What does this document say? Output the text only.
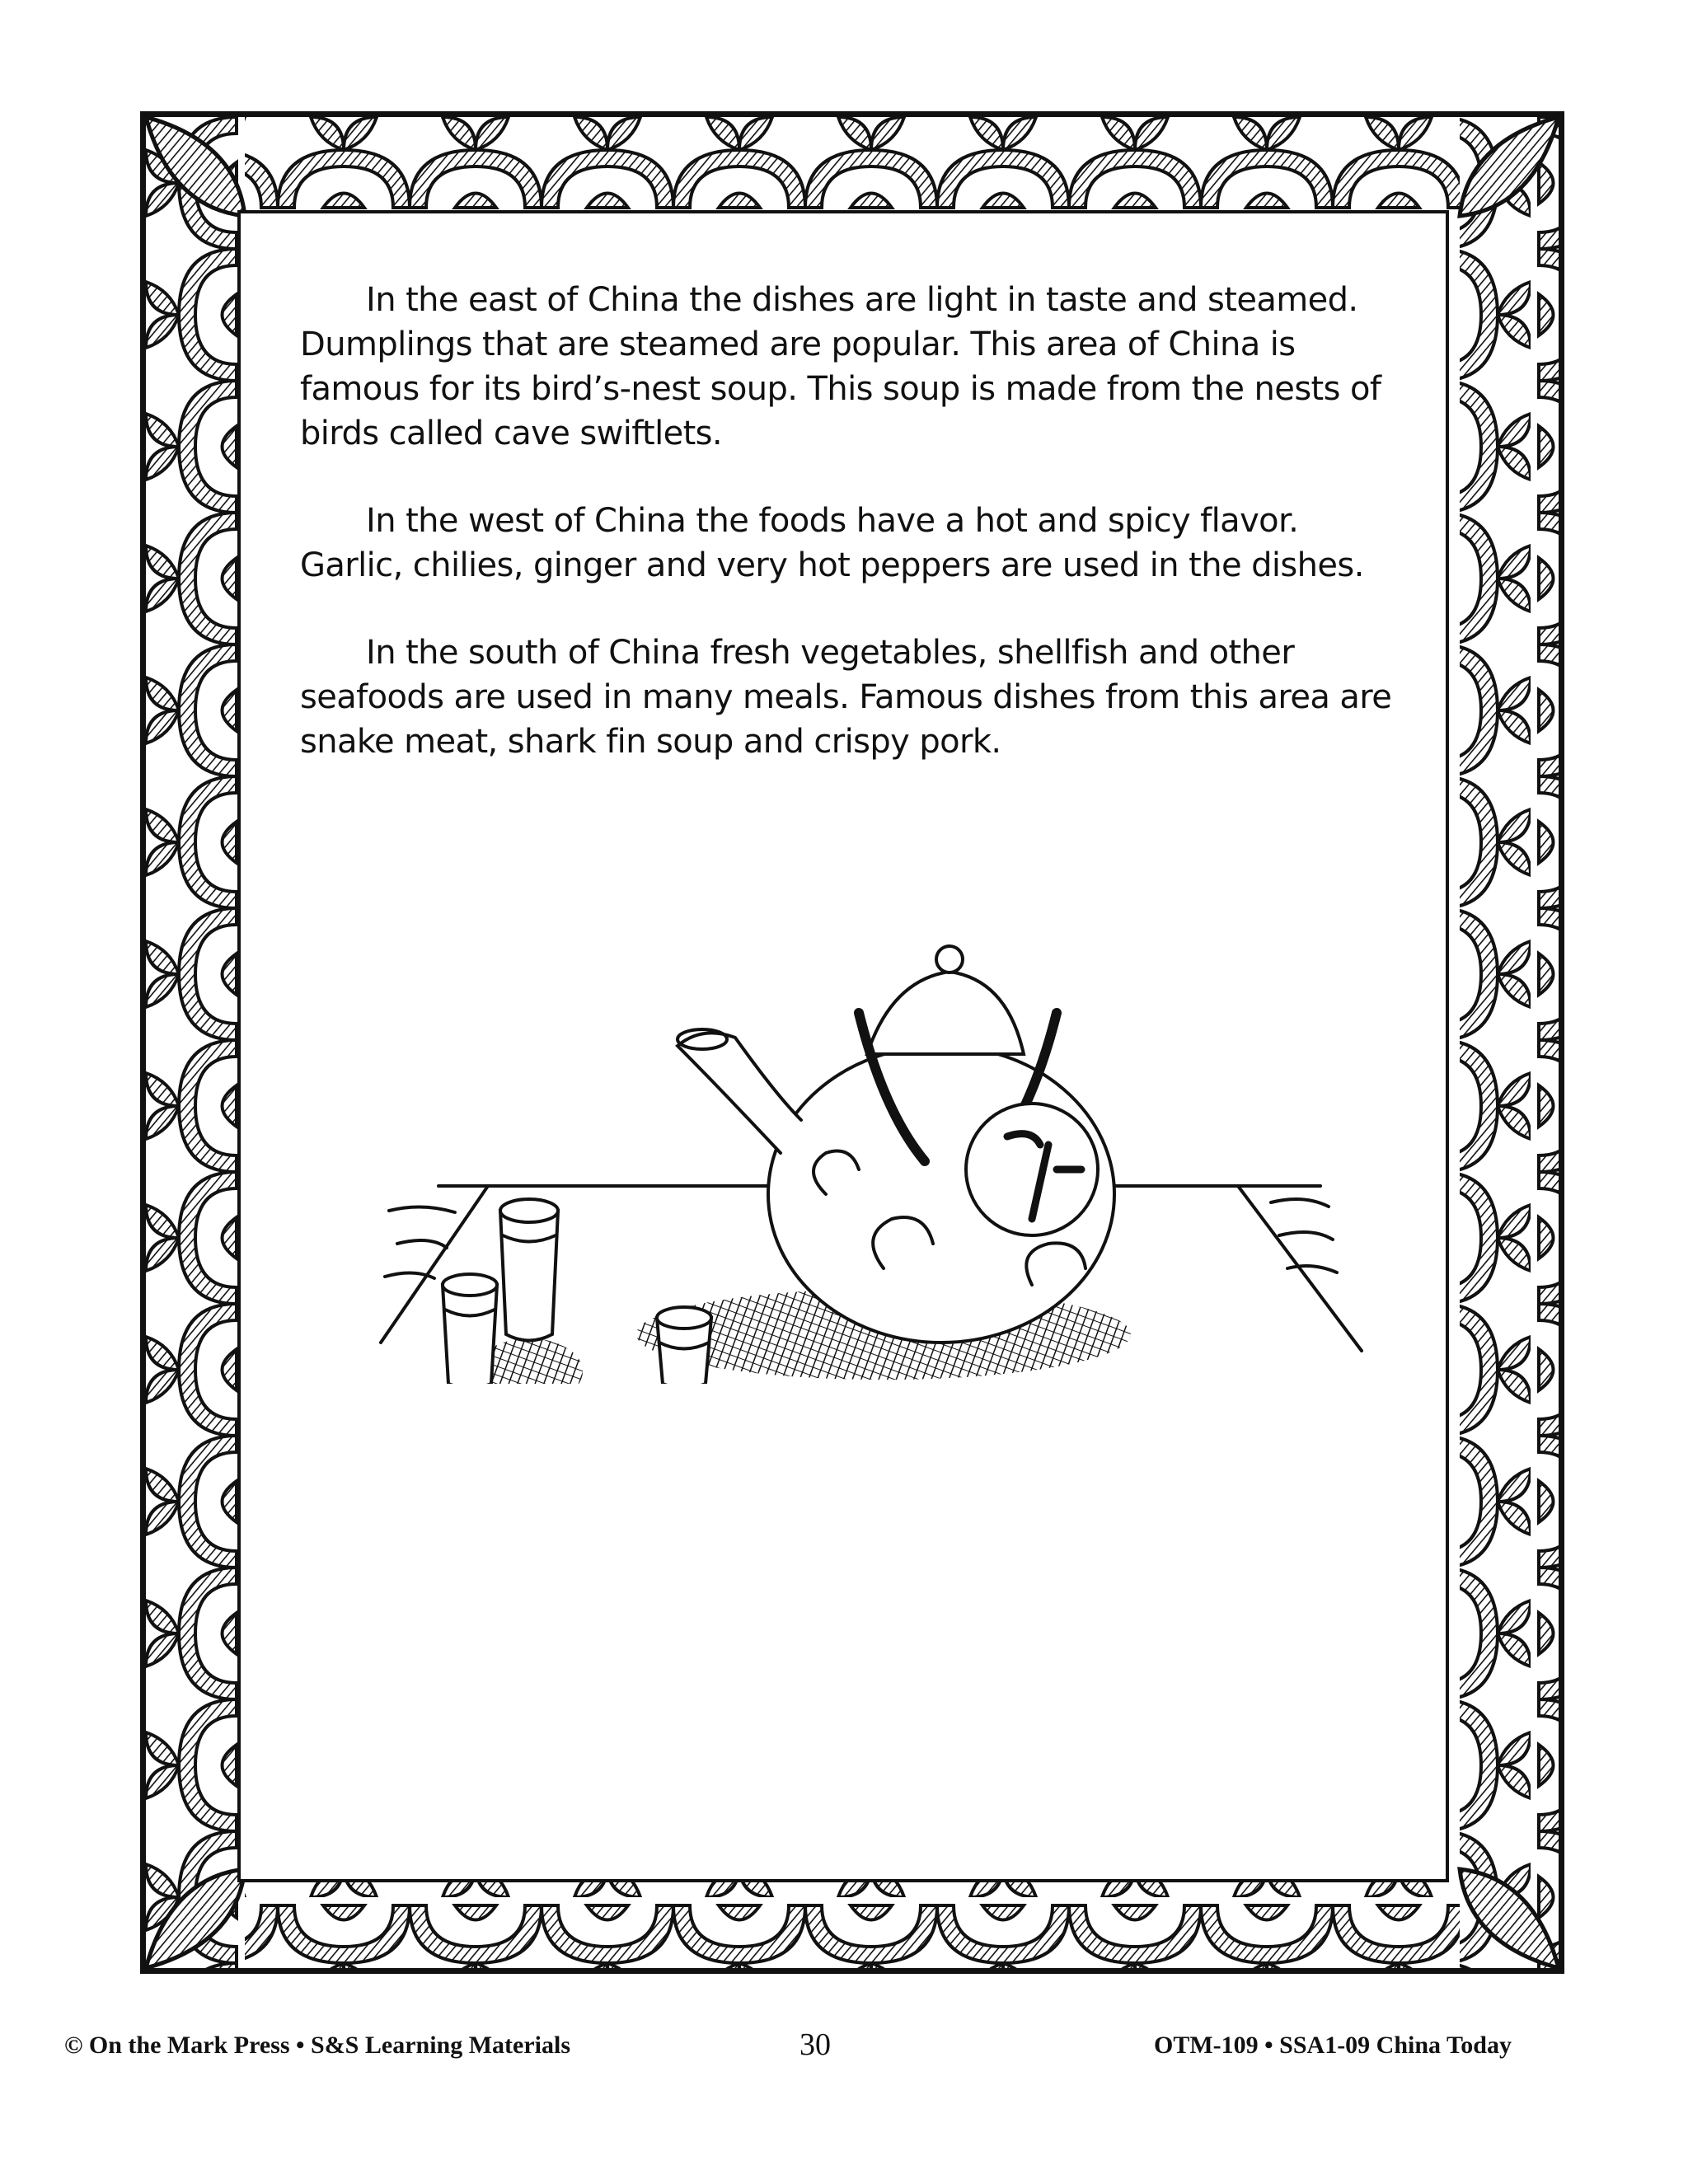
In the east of China the dishes are light in taste and steamed. Dumplings that are steamed are popular. This area of China is famous for its bird’s-nest soup. This soup is made from the nests of birds called cave swiftlets.

In the west of China the foods have a hot and spicy flavor. Garlic, chilies, ginger and very hot peppers are used in the dishes.

In the south of China fresh vegetables, shellfish and other seafoods are used in many meals. Famous dishes from this area are snake meat, shark fin soup and crispy pork.

© On the Mark Press • S&S Learning Materials	30	OTM-109 • SSA1-09 China Today
